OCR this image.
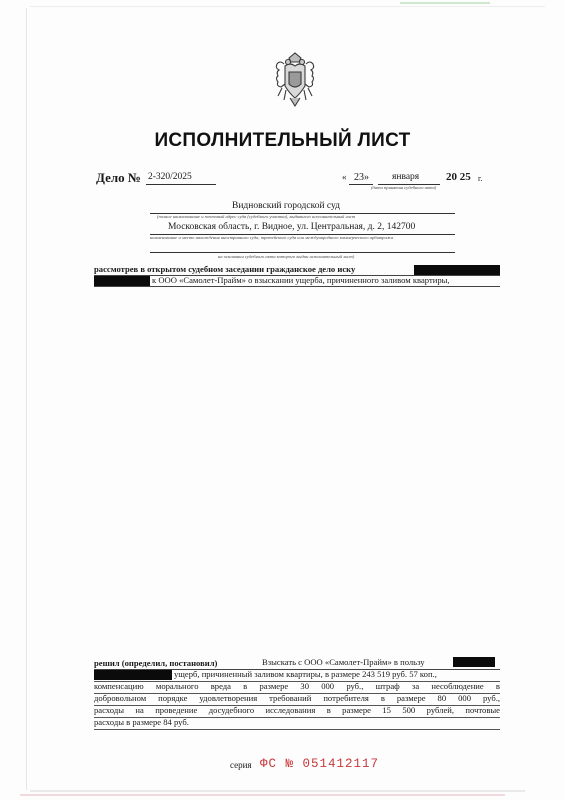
ИСПОЛНИТЕЛЬНЫЙ ЛИСТ
Дело № 2-320/2025	« 23» января 20 25 г.
(дата принятия судебного акта)
Видновский городской суд
(полное наименование и почтовый адрес суда (судебного участка), выдавшего исполнительный лист
Московская область, г. Видное, ул. Центральная, д. 2, 142700
наименование и место нахождения иностранного суда, третейского суда или международного коммерческого арбитража
на основании судебного акта которого выдан исполнительный лист)
рассмотрев в открытом судебном заседании гражданское дело иску
к ООО «Самолет-Прайм» о взыскании ущерба, причиненного заливом квартиры,
решил (определил, постановил)	Взыскать с ООО «Самолет-Прайм» в пользу
ущерб, причиненный заливом квартиры, в размере 243 519 руб. 57 коп.,
компенсацию морального вреда в размере 30 000 руб., штраф за несоблюдение в
добровольном порядке удовлетворения требований потребителя в размере 80 000 руб.,
расходы на проведение досудебного исследования в размере 15 500 рублей, почтовые
расходы в размере 84 руб.
серия ФС № 051412117
